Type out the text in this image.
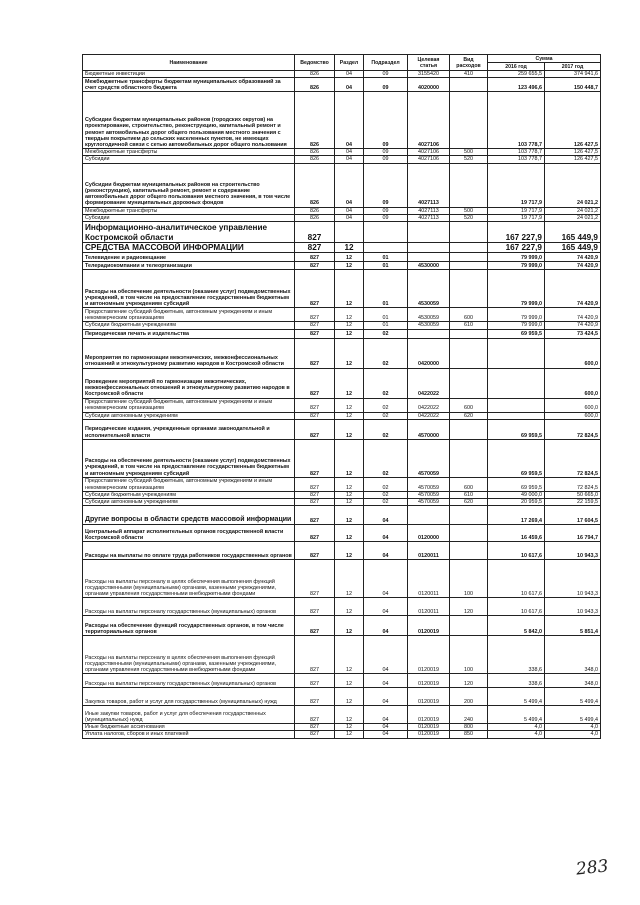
Наименование	Ведомство	Раздел	Подраздел	Целевая статья	Вид расходов	Сумма	
						2016 год	2017 год
Бюджетные инвестиции	826	04	09	3155420	410	259 655,5	374 941,6
Межбюджетные трансферты бюджетам муниципальных образований за счет средств областного бюджета	826	04	09	4020000		123 496,6	150 448,7
Субсидии бюджетам муниципальных районов (городских округов) на проектирование, строительство, реконструкцию, капитальный ремонт и ремонт автомобильных дорог общего пользования местного значения с твердым покрытием до сельских населенных пунктов, не имеющих круглогодичной связи с сетью автомобильных дорог общего пользования	826	04	09	4027106		103 778,7	126 427,5
Межбюджетные трансферты	826	04	09	4027106	500	103 778,7	126 427,5
Субсидии	826	04	09	4027106	520	103 778,7	126 427,5
Субсидии бюджетам муниципальных районов на строительство (реконструкцию), капитальный ремонт, ремонт и содержание автомобильных дорог общего пользования местного значения, в том числе формирование муниципальных дорожных фондов	826	04	09	4027113		19 717,9	24 021,2
Межбюджетные трансферты	826	04	09	4027113	500	19 717,9	24 021,2
Субсидии	826	04	09	4027113	520	19 717,9	24 021,2
Информационно-аналитическое управление Костромской области	827					167 227,9	165 449,9
СРЕДСТВА МАССОВОЙ ИНФОРМАЦИИ	827	12				167 227,9	165 449,9
Телевидение и радиовещание	827	12	01			79 999,0	74 420,9
Телерадиокомпании и телеорганизации	827	12	01	4530000		79 999,0	74 420,9
Расходы на обеспечение деятельности (оказание услуг) подведомственных учреждений, в том числе на предоставление государственным бюджетным и автономным учреждениям субсидий	827	12	01	4530059		79 999,0	74 420,9
Предоставление субсидий бюджетным, автономным учреждениям и иным некоммерческим организациям	827	12	01	4530059	600	79 999,0	74 420,9
Субсидии бюджетным учреждениям	827	12	01	4530059	610	79 999,0	74 420,9
Периодическая печать и издательства	827	12	02			69 959,5	73 424,5
Мероприятия по гармонизации межэтнических, межконфессиональных отношений и этнокультурному развитию народов в Костромской области	827	12	02	0420000			600,0
Проведение мероприятий по гармонизации межэтнических, межконфессиональных отношений и этнокультурному развитию народов в Костромской области	827	12	02	0422022			600,0
Предоставление субсидий бюджетным, автономным учреждениям и иным некоммерческим организациям	827	12	02	0422022	600		600,0
Субсидии автономным учреждениям	827	12	02	0422022	620		600,0
Периодические издания, учрежденные органами законодательной и исполнительной власти	827	12	02	4570000		69 959,5	72 824,5
Расходы на обеспечение деятельности (оказание услуг) подведомственных учреждений, в том числе на предоставление государственным бюджетным и автономным учреждениям субсидий	827	12	02	4570059		69 959,5	72 824,5
Предоставление субсидий бюджетным, автономным учреждениям и иным некоммерческим организациям	827	12	02	4570059	600	69 959,5	72 824,5
Субсидии бюджетным учреждениям	827	12	02	4570059	610	49 000,0	50 665,0
Субсидии автономным учреждениям	827	12	02	4570059	620	20 959,5	22 159,5
Другие вопросы в области средств массовой информации	827	12	04			17 269,4	17 604,5
Центральный аппарат исполнительных органов государственной власти Костромской области	827	12	04	0120000		16 459,6	16 794,7
Расходы на выплаты по оплате труда работников государственных органов	827	12	04	0120011		10 617,6	10 943,3
Расходы на выплаты персоналу в целях обеспечения выполнения функций государственными (муниципальными) органами, казенными учреждениями, органами управления государственными внебюджетными фондами	827	12	04	0120011	100	10 617,6	10 943,3
Расходы на выплаты персоналу государственных (муниципальных) органов	827	12	04	0120011	120	10 617,6	10 943,3
Расходы на обеспечение функций государственных органов, в том числе территориальных органов	827	12	04	0120019		5 842,0	5 851,4
Расходы на выплаты персоналу в целях обеспечения выполнения функций государственными (муниципальными) органами, казенными учреждениями, органами управления государственными внебюджетными фондами	827	12	04	0120019	100	338,6	348,0
Расходы на выплаты персоналу государственных (муниципальных) органов	827	12	04	0120019	120	338,6	348,0
Закупка товаров, работ и услуг для государственных (муниципальных) нужд	827	12	04	0120019	200	5 499,4	5 499,4
Иные закупки товаров, работ и услуг для обеспечения государственных (муниципальных) нужд	827	12	04	0120019	240	5 499,4	5 499,4
Иные бюджетные ассигнования	827	12	04	0120019	800	4,0	4,0
Уплата налогов, сборов и иных платежей	827	12	04	0120019	850	4,0	4,0
283
